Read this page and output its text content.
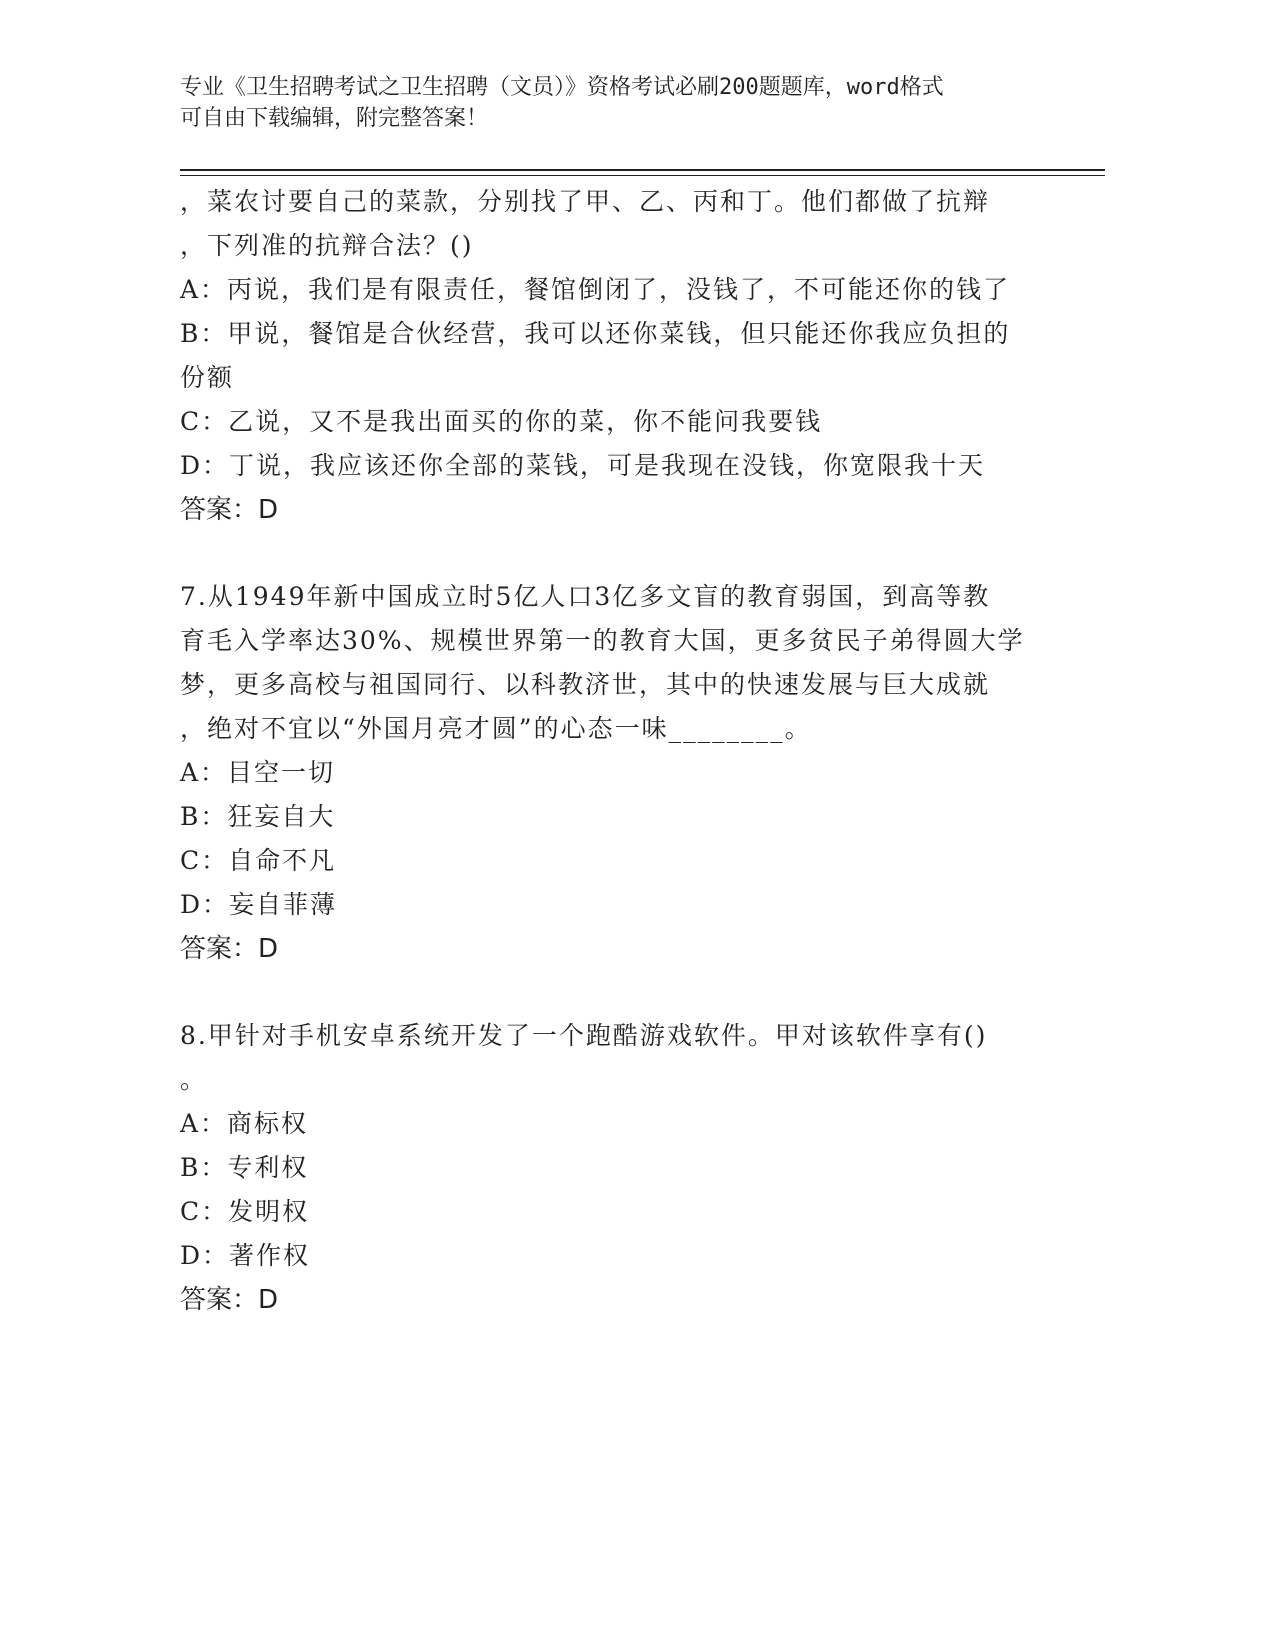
专业《卫生招聘考试之卫生招聘（文员）》资格考试必刷200题题库，word格式
可自由下载编辑，附完整答案！
，菜农讨要自己的菜款，分别找了甲、乙、丙和丁。他们都做了抗辩
，下列准的抗辩合法？()
A：丙说，我们是有限责任，餐馆倒闭了，没钱了，不可能还你的钱了
B：甲说，餐馆是合伙经营，我可以还你菜钱，但只能还你我应负担的
份额
C：乙说，又不是我出面买的你的菜，你不能问我要钱
D：丁说，我应该还你全部的菜钱，可是我现在没钱，你宽限我十天
答案：D
7.从1949年新中国成立时5亿人口3亿多文盲的教育弱国，到高等教
育毛入学率达30%、规模世界第一的教育大国，更多贫民子弟得圆大学
梦，更多高校与祖国同行、以科教济世，其中的快速发展与巨大成就
，绝对不宜以“外国月亮才圆”的心态一味________。
A：目空一切
B：狂妄自大
C：自命不凡
D：妄自菲薄
答案：D
8.甲针对手机安卓系统开发了一个跑酷游戏软件。甲对该软件享有()
。
A：商标权
B：专利权
C：发明权
D：著作权
答案：D
